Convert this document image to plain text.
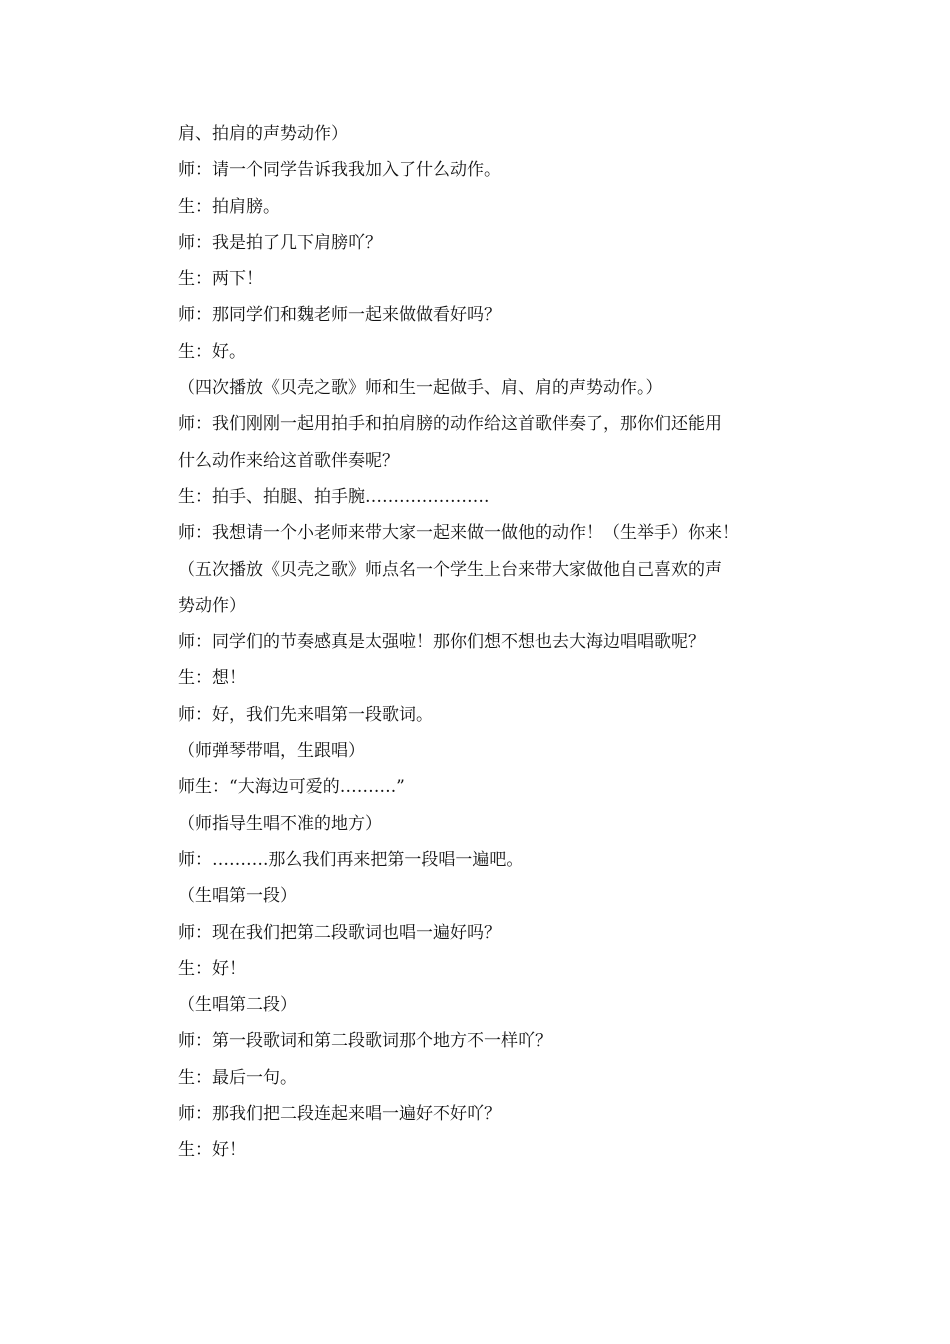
肩、拍肩的声势动作）
师：请一个同学告诉我我加入了什么动作。
生：拍肩膀。
师：我是拍了几下肩膀吖？
生：两下！
师：那同学们和魏老师一起来做做看好吗？
生：好。
（四次播放《贝壳之歌》师和生一起做手、肩、肩的声势动作。）
师：我们刚刚一起用拍手和拍肩膀的动作给这首歌伴奏了，那你们还能用
什么动作来给这首歌伴奏呢？
生：拍手、拍腿、拍手腕………………….
师：我想请一个小老师来带大家一起来做一做他的动作！（生举手）你来！
（五次播放《贝壳之歌》师点名一个学生上台来带大家做他自己喜欢的声
势动作）
师：同学们的节奏感真是太强啦！那你们想不想也去大海边唱唱歌呢？
生：想！
师：好，我们先来唱第一段歌词。
（师弹琴带唱，生跟唱）
师生：“大海边可爱的……….”
（师指导生唱不准的地方）
师：……….那么我们再来把第一段唱一遍吧。
（生唱第一段）
师：现在我们把第二段歌词也唱一遍好吗？
生：好！
（生唱第二段）
师：第一段歌词和第二段歌词那个地方不一样吖？
生：最后一句。
师：那我们把二段连起来唱一遍好不好吖？
生：好！
